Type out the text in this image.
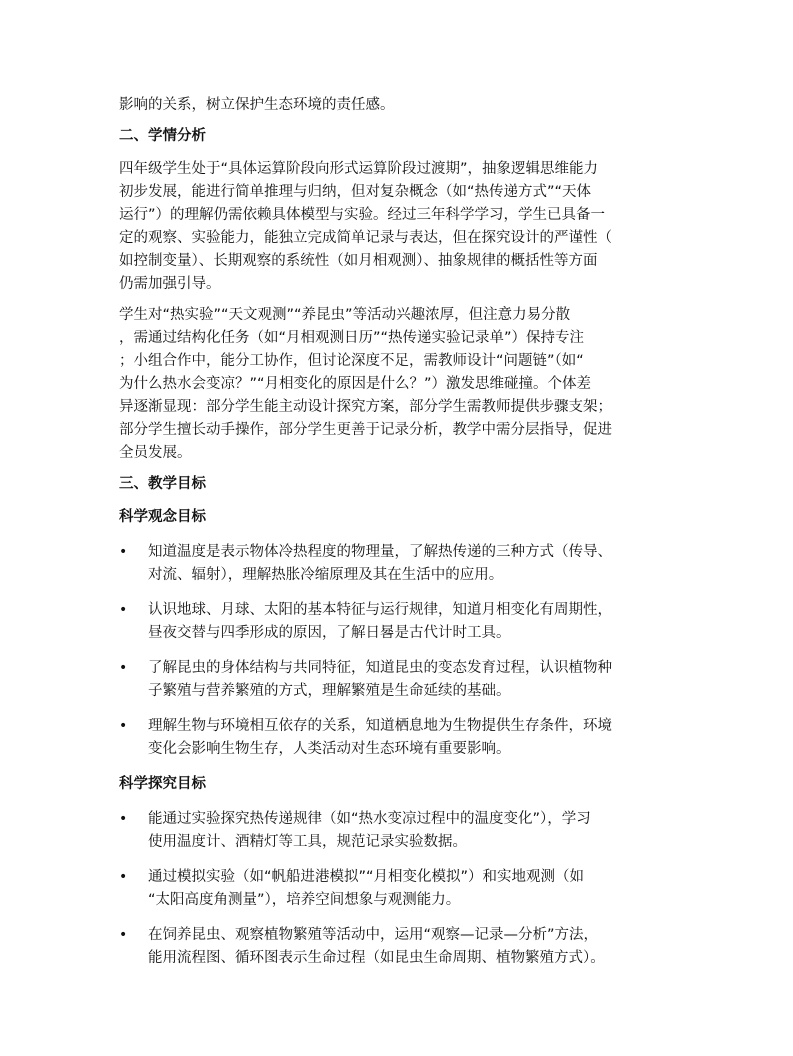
影响的关系，树立保护生态环境的责任感。

二、学情分析

四年级学生处于“具体运算阶段向形式运算阶段过渡期”，抽象逻辑思维能力
初步发展，能进行简单推理与归纳，但对复杂概念（如“热传递方式”“天体
运行”）的理解仍需依赖具体模型与实验。经过三年科学学习，学生已具备一
定的观察、实验能力，能独立完成简单记录与表达，但在探究设计的严谨性（
如控制变量）、长期观察的系统性（如月相观测）、抽象规律的概括性等方面
仍需加强引导。

学生对“热实验”“天文观测”“养昆虫”等活动兴趣浓厚，但注意力易分散
，需通过结构化任务（如“月相观测日历”“热传递实验记录单”）保持专注
；小组合作中，能分工协作，但讨论深度不足，需教师设计“问题链”（如“
为什么热水会变凉？”“月相变化的原因是什么？”）激发思维碰撞。个体差
异逐渐显现：部分学生能主动设计探究方案，部分学生需教师提供步骤支架；
部分学生擅长动手操作，部分学生更善于记录分析，教学中需分层指导，促进
全员发展。

三、教学目标
科学观念目标
• 知道温度是表示物体冷热程度的物理量，了解热传递的三种方式（传导、
对流、辐射），理解热胀冷缩原理及其在生活中的应用。
• 认识地球、月球、太阳的基本特征与运行规律，知道月相变化有周期性，
昼夜交替与四季形成的原因，了解日晷是古代计时工具。
• 了解昆虫的身体结构与共同特征，知道昆虫的变态发育过程，认识植物种
子繁殖与营养繁殖的方式，理解繁殖是生命延续的基础。
• 理解生物与环境相互依存的关系，知道栖息地为生物提供生存条件，环境
变化会影响生物生存，人类活动对生态环境有重要影响。
科学探究目标
• 能通过实验探究热传递规律（如“热水变凉过程中的温度变化”），学习
使用温度计、酒精灯等工具，规范记录实验数据。
• 通过模拟实验（如“帆船进港模拟”“月相变化模拟”）和实地观测（如
“太阳高度角测量”），培养空间想象与观测能力。
• 在饲养昆虫、观察植物繁殖等活动中，运用“观察—记录—分析”方法，
能用流程图、循环图表示生命过程（如昆虫生命周期、植物繁殖方式）。
